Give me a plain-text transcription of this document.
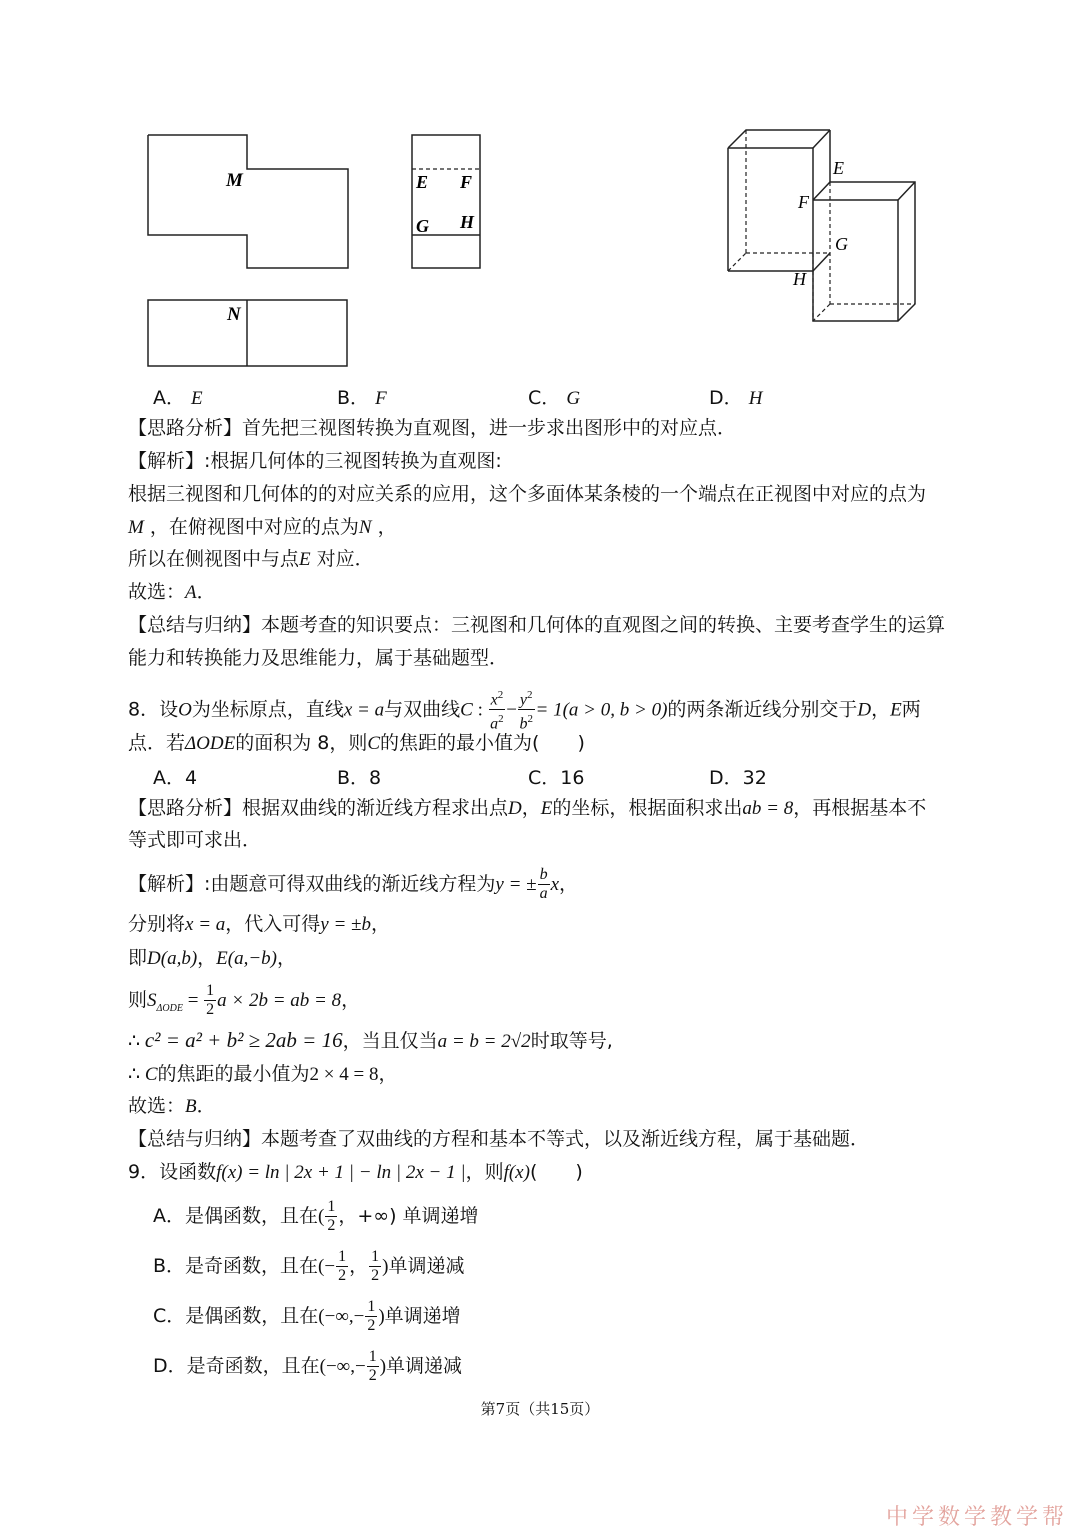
M
N
E F
G H
E
F
G
H
A． E	B． F	C． G	D． H
【思路分析】首先把三视图转换为直观图，进一步求出图形中的对应点．
【解析】:根据几何体的三视图转换为直观图:
根据三视图和几何体的的对应关系的应用，这个多面体某条棱的一个端点在正视图中对应的点为
M ，在俯视图中对应的点为N ，
所以在侧视图中与点E 对应．
故选：A．
【总结与归纳】本题考查的知识要点：三视图和几何体的直观图之间的转换、主要考查学生的运算
能力和转换能力及思维能力，属于基础题型．
8．设O为坐标原点，直线x = a与双曲线C : $\frac{x^2}{a^2} - \frac{y^2}{b^2} = 1(a > 0$, b > 0)的两条渐近线分别交于D，E两
点．若ΔODE的面积为 8，则C的焦距的最小值为(　　)
A．4	B．8	C．16	D．32
【思路分析】根据双曲线的渐近线方程求出点D，E的坐标，根据面积求出ab = 8，再根据基本不
等式即可求出．
【解析】:由题意可得双曲线的渐近线方程为y = ± $\frac{b}{a}$ x，
分别将x = a，代入可得y = ±b，
即D(a,b)，E(a,−b)，
则$S_{\Delta ODE} = \frac{1}{2}$ a × 2b = ab = 8，
∴ c² = a² + b² ≥ 2ab = 16，当且仅当a = b = 2√2时取等号,
∴ C的焦距的最小值为2 × 4 = 8，
故选：B．
【总结与归纳】本题考查了双曲线的方程和基本不等式，以及渐近线方程，属于基础题．
9．设函数f(x) = ln | 2x + 1 | − ln | 2x − 1 |，则f(x)(　　)
A．是偶函数，且在( $\frac{1}{2}$ ，+∞) 单调递增
B．是奇函数，且在(− $\frac{1}{2}$ ， $\frac{1}{2}$ )单调递减
C．是偶函数，且在(−∞,− $\frac{1}{2}$ )单调递增
D．是奇函数，且在(−∞,− $\frac{1}{2}$ )单调递减
第7页（共15页）
中学数学教学帮
